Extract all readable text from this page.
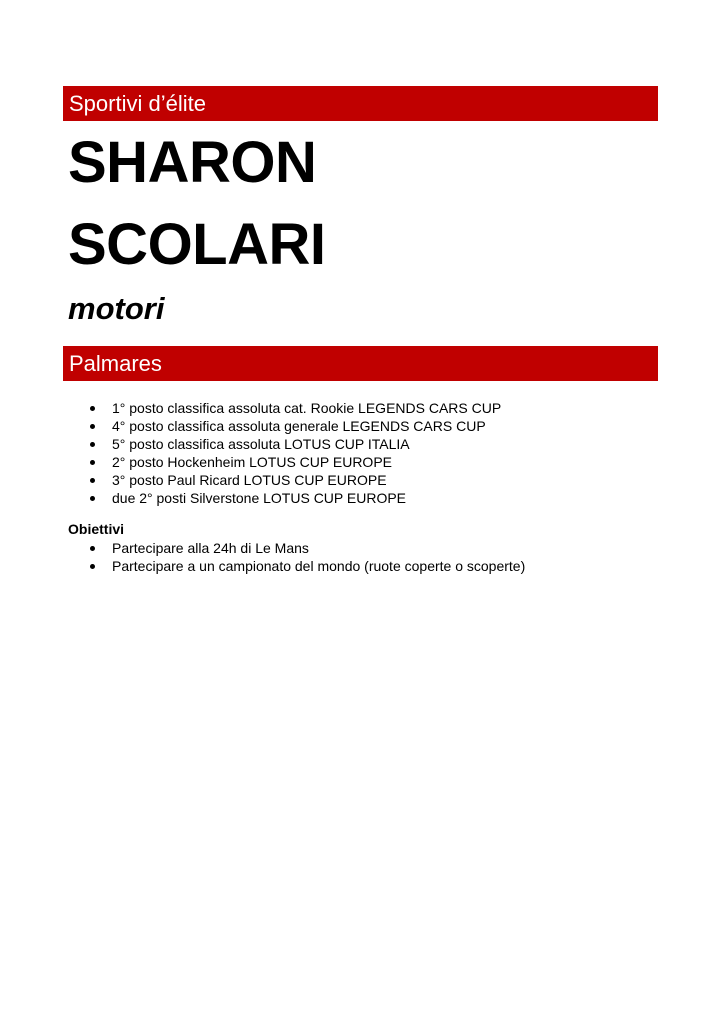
Sportivi d’élite
SHARON
SCOLARI
motori
Palmares
1° posto classifica assoluta cat. Rookie LEGENDS CARS CUP
4° posto classifica assoluta generale LEGENDS CARS CUP
5° posto classifica assoluta LOTUS CUP ITALIA
2° posto Hockenheim LOTUS CUP EUROPE
3° posto Paul Ricard LOTUS CUP EUROPE
due 2° posti Silverstone LOTUS CUP EUROPE
Obiettivi
Partecipare alla 24h di Le Mans
Partecipare a un campionato del mondo (ruote coperte o scoperte)
